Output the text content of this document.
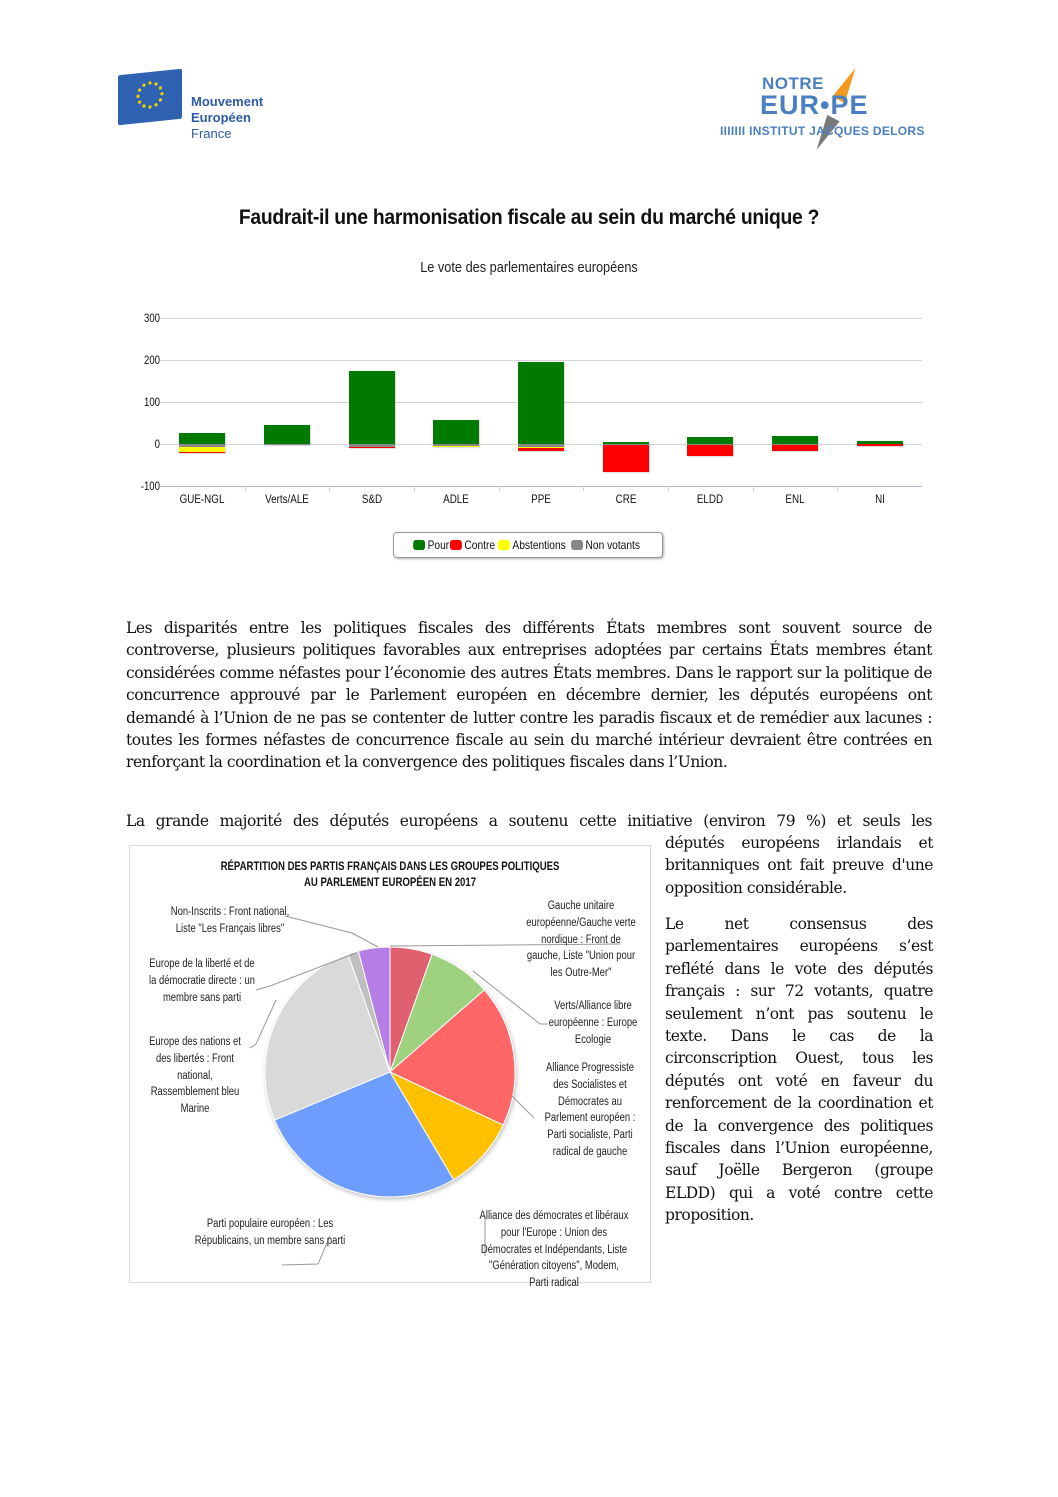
Mouvement
Européen
France
NOTRE
EUR•PE
IIIIIII INSTITUT JACQUES DELORS
Faudrait-il une harmonisation fiscale au sein du marché unique ?
Le vote des parlementaires européens
300
200
100
0
-100
GUE-NGL	Verts/ALE	S&D	ADLE	PPE	CRE	ELDD	ENL	NI
Pour Contre Abstentions Non votants
Les disparités entre les politiques fiscales des différents États membres sont souvent source de controverse, plusieurs politiques favorables aux entreprises adoptées par certains États membres étant considérées comme néfastes pour l’économie des autres États membres. Dans le rapport sur la politique de concurrence approuvé par le Parlement européen en décembre dernier, les députés européens ont demandé à l’Union de ne pas se contenter de lutter contre les paradis fiscaux et de remédier aux lacunes : toutes les formes néfastes de concurrence fiscale au sein du marché intérieur devraient être contrées en renforçant la coordination et la convergence des politiques fiscales dans l’Union.
La grande majorité des députés européens a soutenu cette initiative (environ 79 %) et seuls les
députés européens irlandais et britanniques ont fait preuve d'une opposition considérable.
Le net consensus des parlementaires européens s’est reflété dans le vote des députés français : sur 72 votants, quatre seulement n’ont pas soutenu le texte. Dans le cas de la circonscription Ouest, tous les députés ont voté en faveur du renforcement de la coordination et de la convergence des politiques fiscales dans l’Union européenne, sauf Joëlle Bergeron (groupe ELDD) qui a voté contre cette proposition.
RÉPARTITION DES PARTIS FRANÇAIS DANS LES GROUPES POLITIQUES
AU PARLEMENT EUROPÉEN EN 2017
Non-Inscrits : Front national, Liste "Les Français libres"
Europe de la liberté et de la démocratie directe : un membre sans parti
Europe des nations et des libertés : Front national, Rassemblement bleu Marine
Parti populaire européen : Les Républicains, un membre sans parti
Gauche unitaire européenne/Gauche verte nordique : Front de gauche, Liste "Union pour les Outre-Mer"
Verts/Alliance libre européenne : Europe Ecologie
Alliance Progressiste des Socialistes et Démocrates au Parlement européen : Parti socialiste, Parti radical de gauche
Alliance des démocrates et libéraux pour l'Europe : Union des Démocrates et Indépendants, Liste "Génération citoyens", Modem, Parti radical
